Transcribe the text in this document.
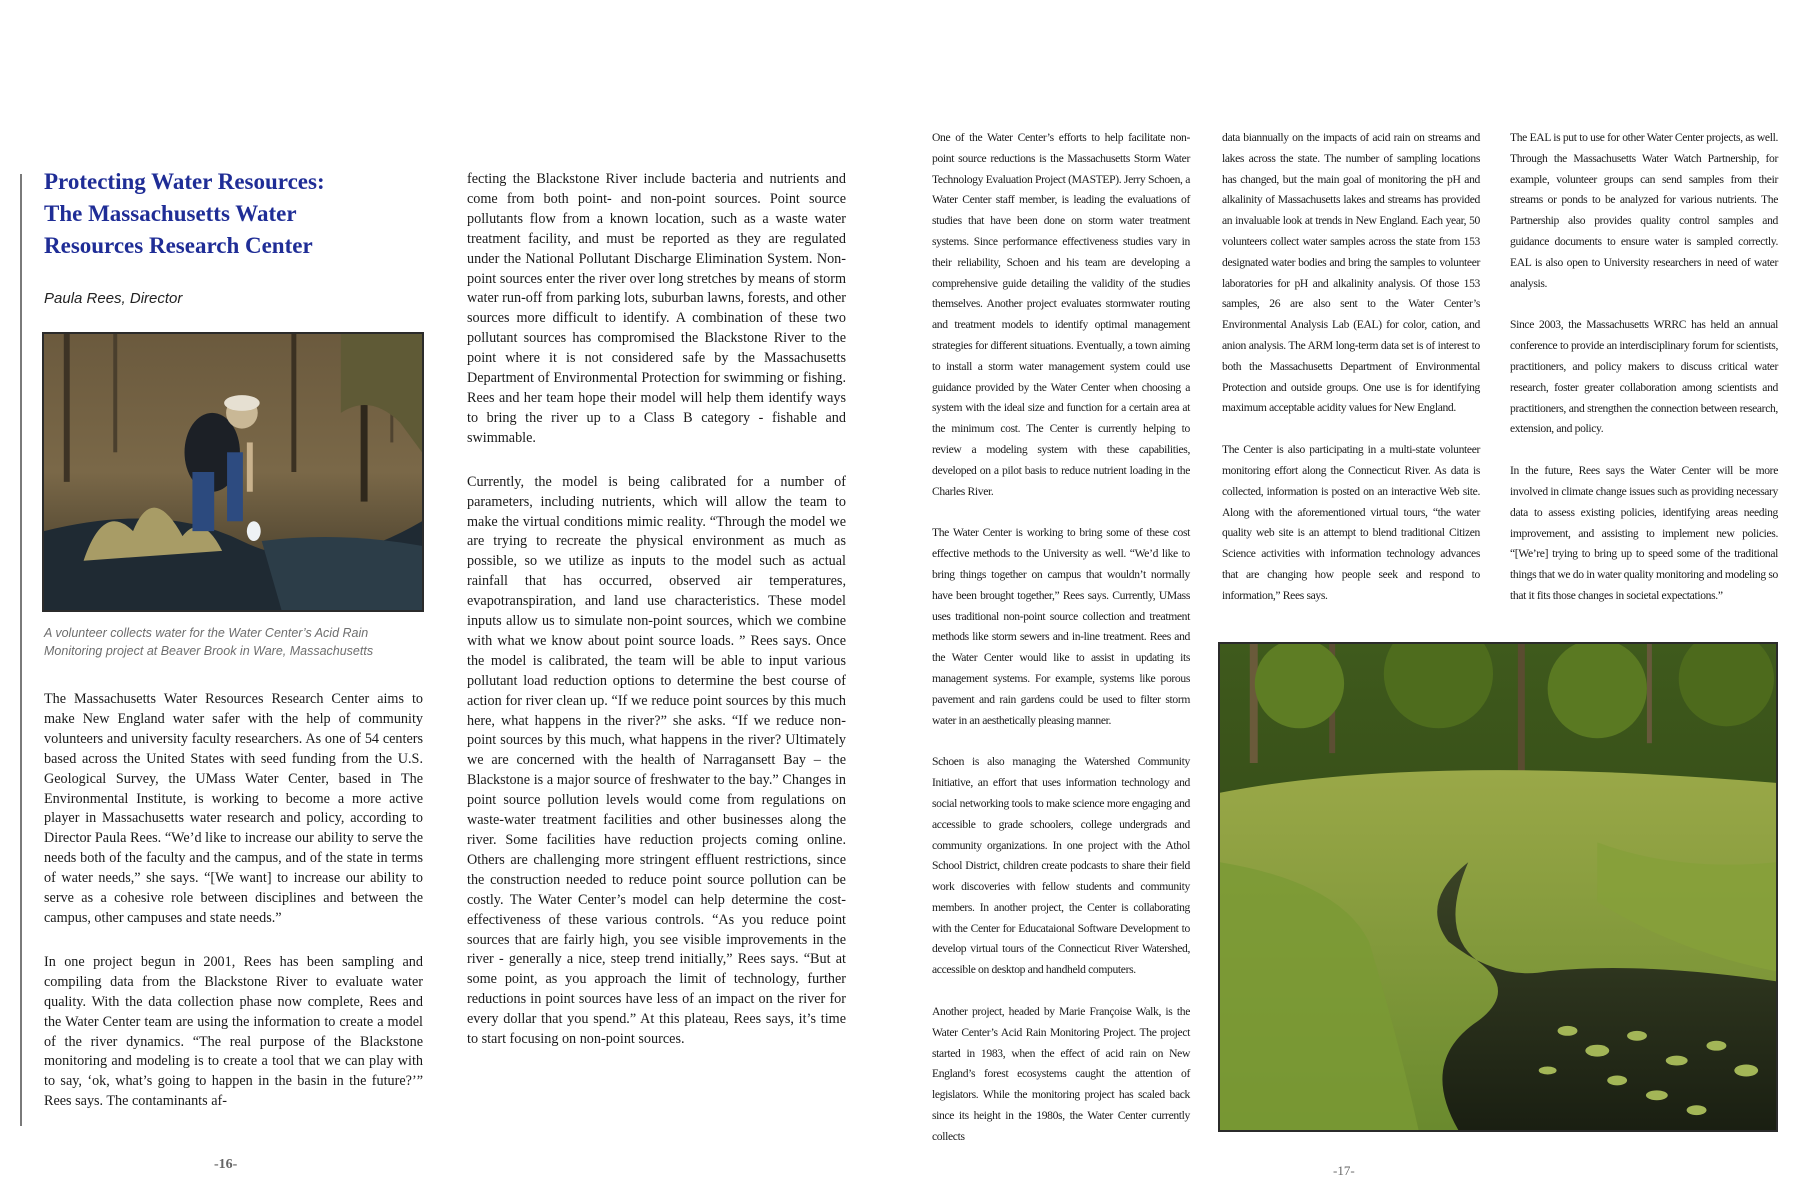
Protecting Water Resources:
The Massachusetts Water
Resources Research Center

Paula Rees, Director

A volunteer collects water for the Water Center’s Acid Rain Monitoring project at Beaver Brook in Ware, Massachusetts

The Massachusetts Water Resources Research Center aims to make New England water safer with the help of community volunteers and university faculty researchers. As one of 54 centers based across the United States with seed funding from the U.S. Geological Survey, the UMass Water Center, based in The Environmental Institute, is working to become a more active player in Massachusetts water research and policy, according to Director Paula Rees. “We’d like to increase our ability to serve the needs both of the faculty and the campus, and of the state in terms of water needs,” she says. “[We want] to increase our ability to serve as a cohesive role between disciplines and between the campus, other campuses and state needs.”

In one project begun in 2001, Rees has been sampling and compiling data from the Blackstone River to evaluate water quality. With the data collection phase now complete, Rees and the Water Center team are using the information to create a model of the river dynamics. “The real purpose of the Blackstone monitoring and modeling is to create a tool that we can play with to say, ‘ok, what’s going to happen in the basin in the future?’” Rees says. The contaminants af-

fecting the Blackstone River include bacteria and nutrients and come from both point- and non-point sources. Point source pollutants flow from a known location, such as a waste water treatment facility, and must be reported as they are regulated under the National Pollutant Discharge Elimination System. Non-point sources enter the river over long stretches by means of storm water run-off from parking lots, suburban lawns, forests, and other sources more difficult to identify. A combination of these two pollutant sources has compromised the Blackstone River to the point where it is not considered safe by the Massachusetts Department of Environmental Protection for swimming or fishing. Rees and her team hope their model will help them identify ways to bring the river up to a Class B category - fishable and swimmable.

Currently, the model is being calibrated for a number of parameters, including nutrients, which will allow the team to make the virtual conditions mimic reality. “Through the model we are trying to recreate the physical environment as much as possible, so we utilize as inputs to the model such as actual rainfall that has occurred, observed air temperatures, evapotranspiration, and land use characteristics. These model inputs allow us to simulate non-point sources, which we combine with what we know about point source loads. ” Rees says. Once the model is calibrated, the team will be able to input various pollutant load reduction options to determine the best course of action for river clean up. “If we reduce point sources by this much here, what happens in the river?” she asks. “If we reduce non-point sources by this much, what happens in the river? Ultimately we are concerned with the health of Narragansett Bay – the Blackstone is a major source of freshwater to the bay.” Changes in point source pollution levels would come from regulations on waste-water treatment facilities and other businesses along the river. Some facilities have reduction projects coming online. Others are challenging more stringent effluent restrictions, since the construction needed to reduce point source pollution can be costly. The Water Center’s model can help determine the cost-effectiveness of these various controls. “As you reduce point sources that are fairly high, you see visible improvements in the river - generally a nice, steep trend initially,” Rees says. “But at some point, as you approach the limit of technology, further reductions in point sources have less of an impact on the river for every dollar that you spend.” At this plateau, Rees says, it’s time to start focusing on non-point sources.

-16-

One of the Water Center’s efforts to help facilitate non-point source reductions is the Massachusetts Storm Water Technology Evaluation Project (MASTEP). Jerry Schoen, a Water Center staff member, is leading the evaluations of studies that have been done on storm water treatment systems. Since performance effectiveness studies vary in their reliability, Schoen and his team are developing a comprehensive guide detailing the validity of the studies themselves. Another project evaluates stormwater routing and treatment models to identify optimal management strategies for different situations. Eventually, a town aiming to install a storm water management system could use guidance provided by the Water Center when choosing a system with the ideal size and function for a certain area at the minimum cost. The Center is currently helping to review a modeling system with these capabilities, developed on a pilot basis to reduce nutrient loading in the Charles River.

The Water Center is working to bring some of these cost effective methods to the University as well. “We’d like to bring things together on campus that wouldn’t normally have been brought together,” Rees says. Currently, UMass uses traditional non-point source collection and treatment methods like storm sewers and in-line treatment. Rees and the Water Center would like to assist in updating its management systems. For example, systems like porous pavement and rain gardens could be used to filter storm water in an aesthetically pleasing manner.

Schoen is also managing the Watershed Community Initiative, an effort that uses information technology and social networking tools to make science more engaging and accessible to grade schoolers, college undergrads and community organizations. In one project with the Athol School District, children create podcasts to share their field work discoveries with fellow students and community members. In another project, the Center is collaborating with the Center for Educataional Software Development to develop virtual tours of the Connecticut River Watershed, accessible on desktop and handheld computers.

Another project, headed by Marie Françoise Walk, is the Water Center’s Acid Rain Monitoring Project. The project started in 1983, when the effect of acid rain on New England’s forest ecosystems caught the attention of legislators. While the monitoring project has scaled back since its height in the 1980s, the Water Center currently collects

data biannually on the impacts of acid rain on streams and lakes across the state. The number of sampling locations has changed, but the main goal of monitoring the pH and alkalinity of Massachusetts lakes and streams has provided an invaluable look at trends in New England. Each year, 50 volunteers collect water samples across the state from 153 designated water bodies and bring the samples to volunteer laboratories for pH and alkalinity analysis. Of those 153 samples, 26 are also sent to the Water Center’s Environmental Analysis Lab (EAL) for color, cation, and anion analysis. The ARM long-term data set is of interest to both the Massachusetts Department of Environmental Protection and outside groups. One use is for identifying maximum acceptable acidity values for New England.

The Center is also participating in a multi-state volunteer monitoring effort along the Connecticut River. As data is collected, information is posted on an interactive Web site. Along with the aforementioned virtual tours, “the water quality web site is an attempt to blend traditional Citizen Science activities with information technology advances that are changing how people seek and respond to information,” Rees says.

The EAL is put to use for other Water Center projects, as well. Through the Massachusetts Water Watch Partnership, for example, volunteer groups can send samples from their streams or ponds to be analyzed for various nutrients. The Partnership also provides quality control samples and guidance documents to ensure water is sampled correctly. EAL is also open to University researchers in need of water analysis.

Since 2003, the Massachusetts WRRC has held an annual conference to provide an interdisciplinary forum for scientists, practitioners, and policy makers to discuss critical water research, foster greater collaboration among scientists and practitioners, and strengthen the connection between research, extension, and policy.

In the future, Rees says the Water Center will be more involved in climate change issues such as providing necessary data to assess existing policies, identifying areas needing improvement, and assisting to implement new policies. “[We’re] trying to bring up to speed some of the traditional things that we do in water quality monitoring and modeling so that it fits those changes in societal expectations.”

-17-
